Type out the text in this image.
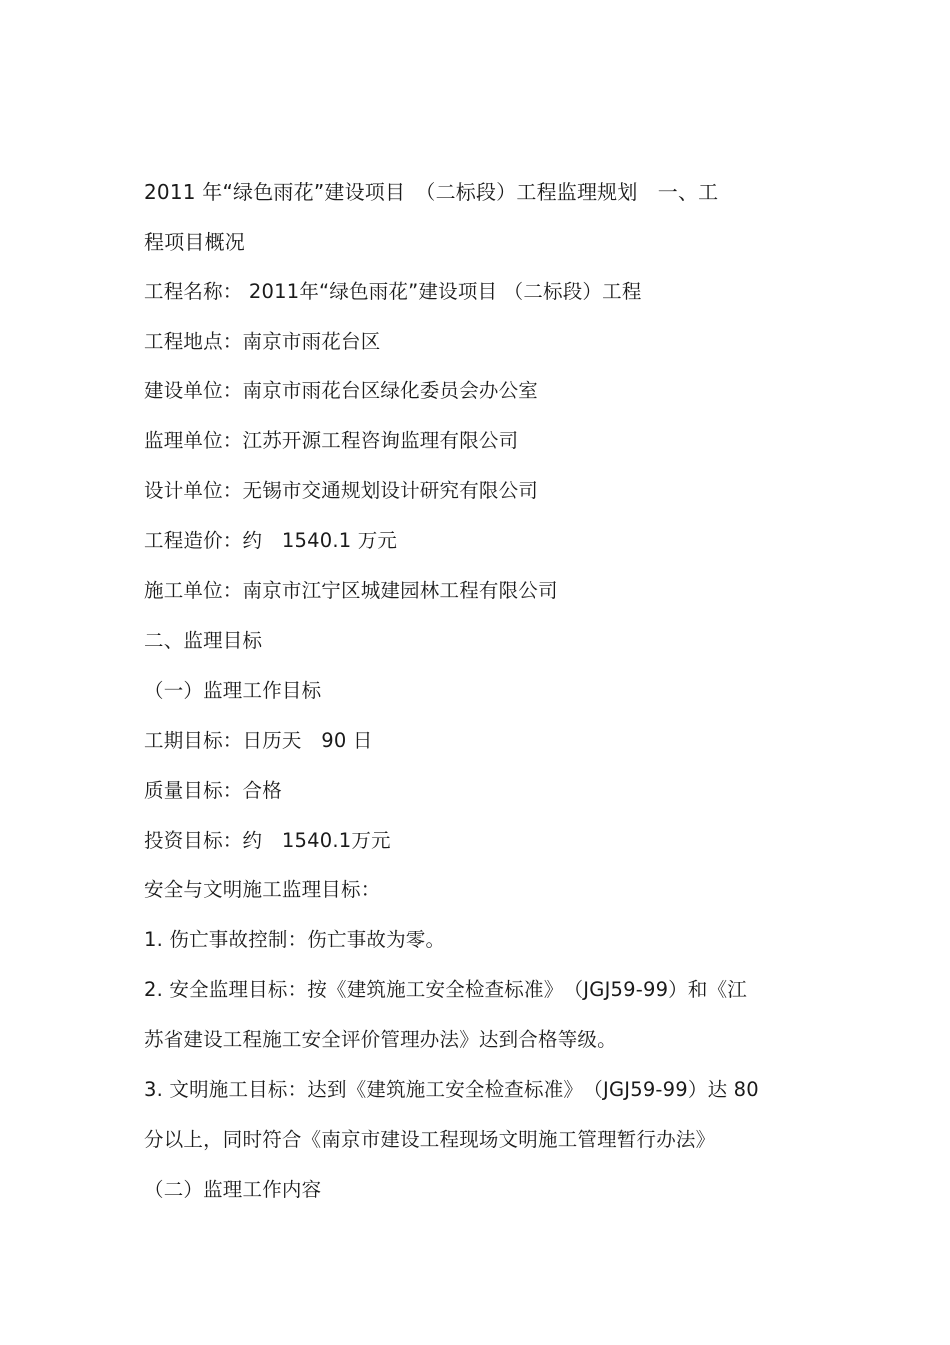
2011 年“绿色雨花”建设项目　（二标段）工程监理规划　一、工
程项目概况
工程名称： 2011年“绿色雨花”建设项目 （二标段）工程
工程地点：南京市雨花台区
建设单位：南京市雨花台区绿化委员会办公室
监理单位：江苏开源工程咨询监理有限公司
设计单位：无锡市交通规划设计研究有限公司
工程造价：约　1540.1 万元
施工单位：南京市江宁区城建园林工程有限公司
二、监理目标
（一）监理工作目标
工期目标：日历天　90 日
质量目标：合格
投资目标：约　1540.1万元
安全与文明施工监理目标：
1. 伤亡事故控制：伤亡事故为零。
2. 安全监理目标：按《建筑施工安全检查标准》　（JGJ59-99）和《江
苏省建设工程施工安全评价管理办法》达到合格等级。
3. 文明施工目标：达到《建筑施工安全检查标准》　（JGJ59-99）达 80
分以上，同时符合《南京市建设工程现场文明施工管理暂行办法》
（二）监理工作内容
